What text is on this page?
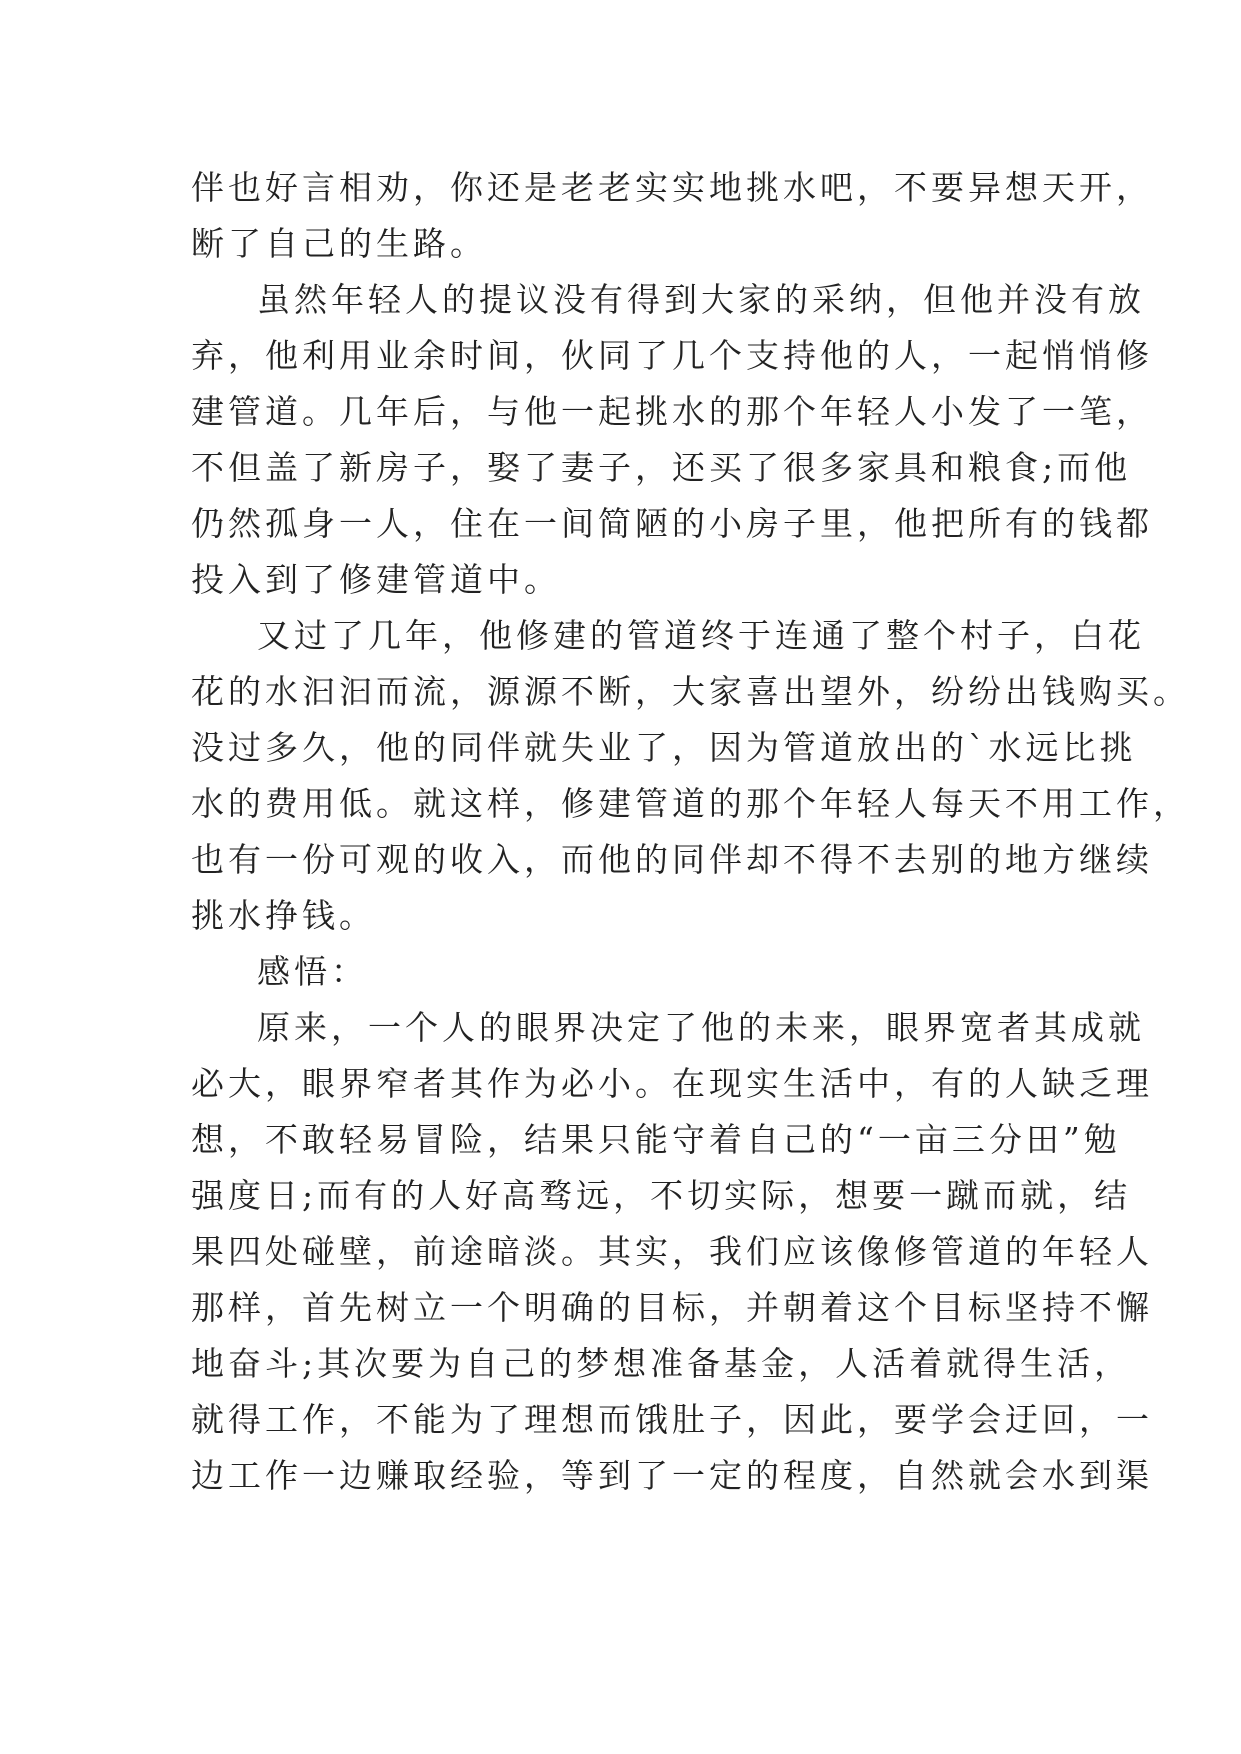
伴也好言相劝，你还是老老实实地挑水吧，不要异想天开，
断了自己的生路。
虽然年轻人的提议没有得到大家的采纳，但他并没有放
弃，他利用业余时间，伙同了几个支持他的人，一起悄悄修
建管道。几年后，与他一起挑水的那个年轻人小发了一笔，
不但盖了新房子，娶了妻子，还买了很多家具和粮食;而他
仍然孤身一人，住在一间简陋的小房子里，他把所有的钱都
投入到了修建管道中。
又过了几年，他修建的管道终于连通了整个村子，白花
花的水汩汩而流，源源不断，大家喜出望外，纷纷出钱购买。
没过多久，他的同伴就失业了，因为管道放出的`水远比挑
水的费用低。就这样，修建管道的那个年轻人每天不用工作，
也有一份可观的收入，而他的同伴却不得不去别的地方继续
挑水挣钱。
感悟：
原来，一个人的眼界决定了他的未来，眼界宽者其成就
必大，眼界窄者其作为必小。在现实生活中，有的人缺乏理
想，不敢轻易冒险，结果只能守着自己的“一亩三分田”勉
强度日;而有的人好高骛远，不切实际，想要一蹴而就，结
果四处碰壁，前途暗淡。其实，我们应该像修管道的年轻人
那样，首先树立一个明确的目标，并朝着这个目标坚持不懈
地奋斗;其次要为自己的梦想准备基金，人活着就得生活，
就得工作，不能为了理想而饿肚子，因此，要学会迂回，一
边工作一边赚取经验，等到了一定的程度，自然就会水到渠
